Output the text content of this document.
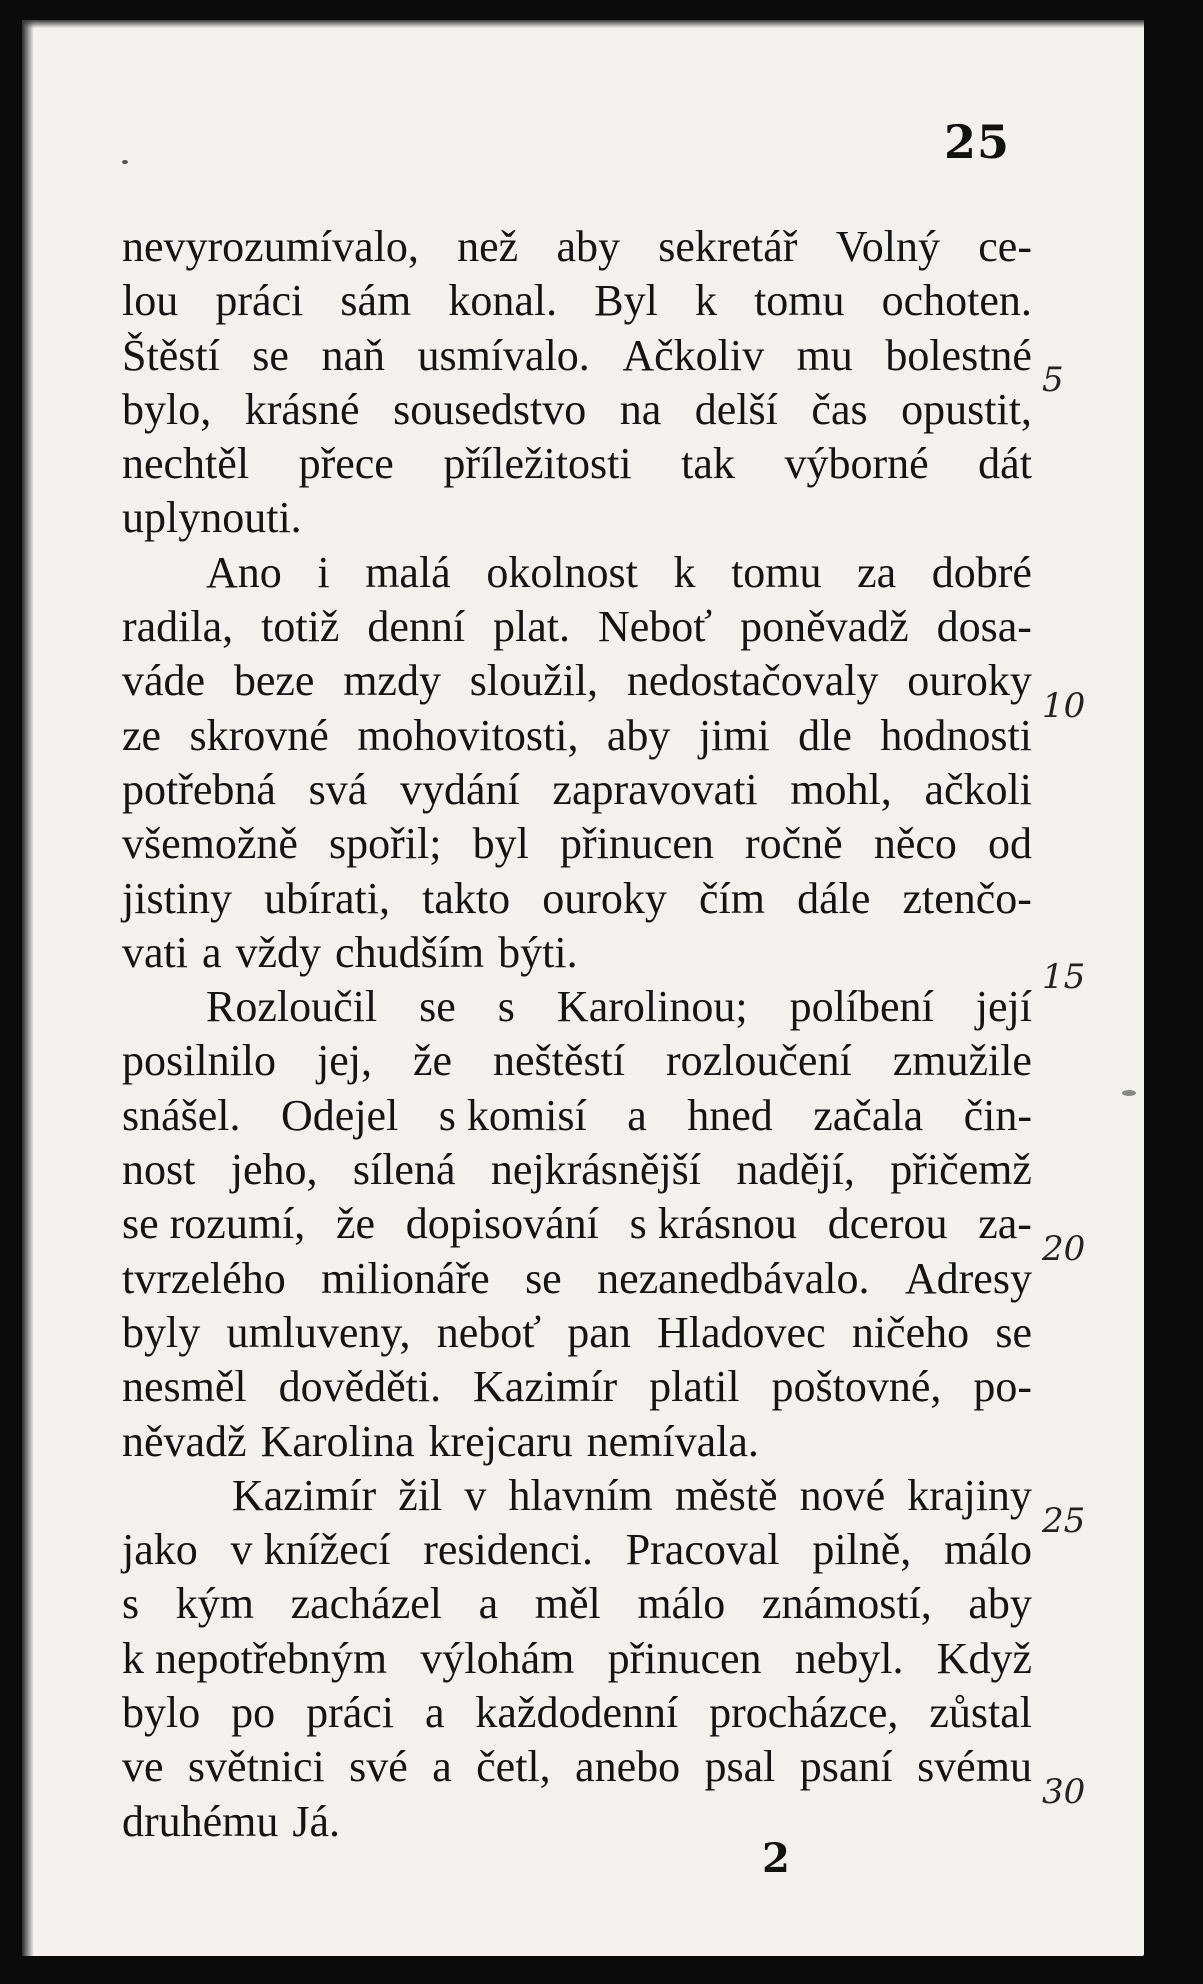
25
nevyrozumívalo, než aby sekretář Volný ce-
lou práci sám konal. Byl k tomu ochoten.
Štěstí se naň usmívalo. Ačkoliv mu bolestné
bylo, krásné sousedstvo na delší čas opustit,
nechtěl přece příležitosti tak výborné dát
uplynouti.
Ano i malá okolnost k tomu za dobré
radila, totiž denní plat. Neboť poněvadž dosa-
váde beze mzdy sloužil, nedostačovaly ouroky
ze skrovné mohovitosti, aby jimi dle hodnosti
potřebná svá vydání zapravovati mohl, ačkoli
všemožně spořil; byl přinucen ročně něco od
jistiny ubírati, takto ouroky čím dále ztenčo-
vati a vždy chudším býti.
Rozloučil se s Karolinou; políbení její
posilnilo jej, že neštěstí rozloučení zmužile
snášel. Odejel s komisí a hned začala čin-
nost jeho, sílená nejkrásnější nadějí, přičemž
se rozumí, že dopisování s krásnou dcerou za-
tvrzelého milionáře se nezanedbávalo. Adresy
byly umluveny, neboť pan Hladovec ničeho se
nesměl dověděti. Kazimír platil poštovné, po-
něvadž Karolina krejcaru nemívala.
Kazimír žil v hlavním městě nové krajiny
jako v knížecí residenci. Pracoval pilně, málo
s kým zacházel a měl málo známostí, aby
k nepotřebným výlohám přinucen nebyl. Když
bylo po práci a každodenní procházce, zůstal
ve světnici své a četl, anebo psal psaní svému
druhému Já.
5
10
15
20
25
30
2
